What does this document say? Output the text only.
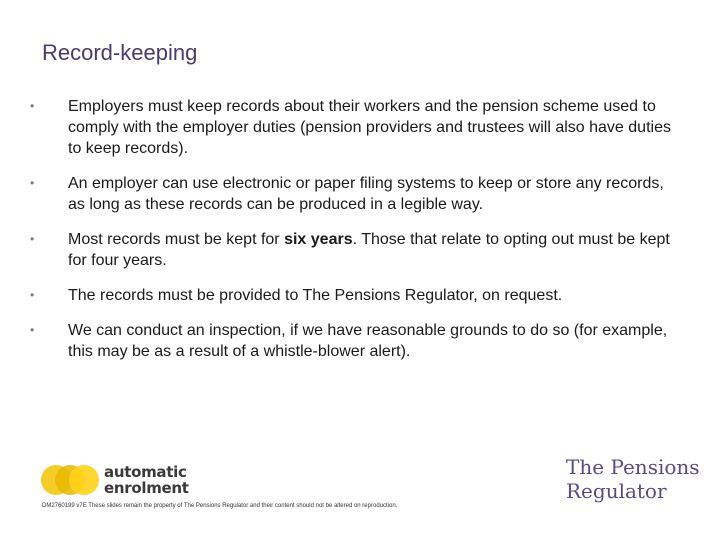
Record-keeping
• Employers must keep records about their workers and the pension scheme used to comply with the employer duties (pension providers and trustees will also have duties to keep records).
• An employer can use electronic or paper filing systems to keep or store any records, as long as these records can be produced in a legible way.
• Most records must be kept for six years. Those that relate to opting out must be kept for four years.
• The records must be provided to The Pensions Regulator, on request.
• We can conduct an inspection, if we have reasonable grounds to do so (for example, this may be as a result of a whistle-blower alert).
automatic
enrolment
The Pensions
Regulator
DM2760199 v7E These slides remain the property of The Pensions Regulator and their content should not be altered on reproduction.
